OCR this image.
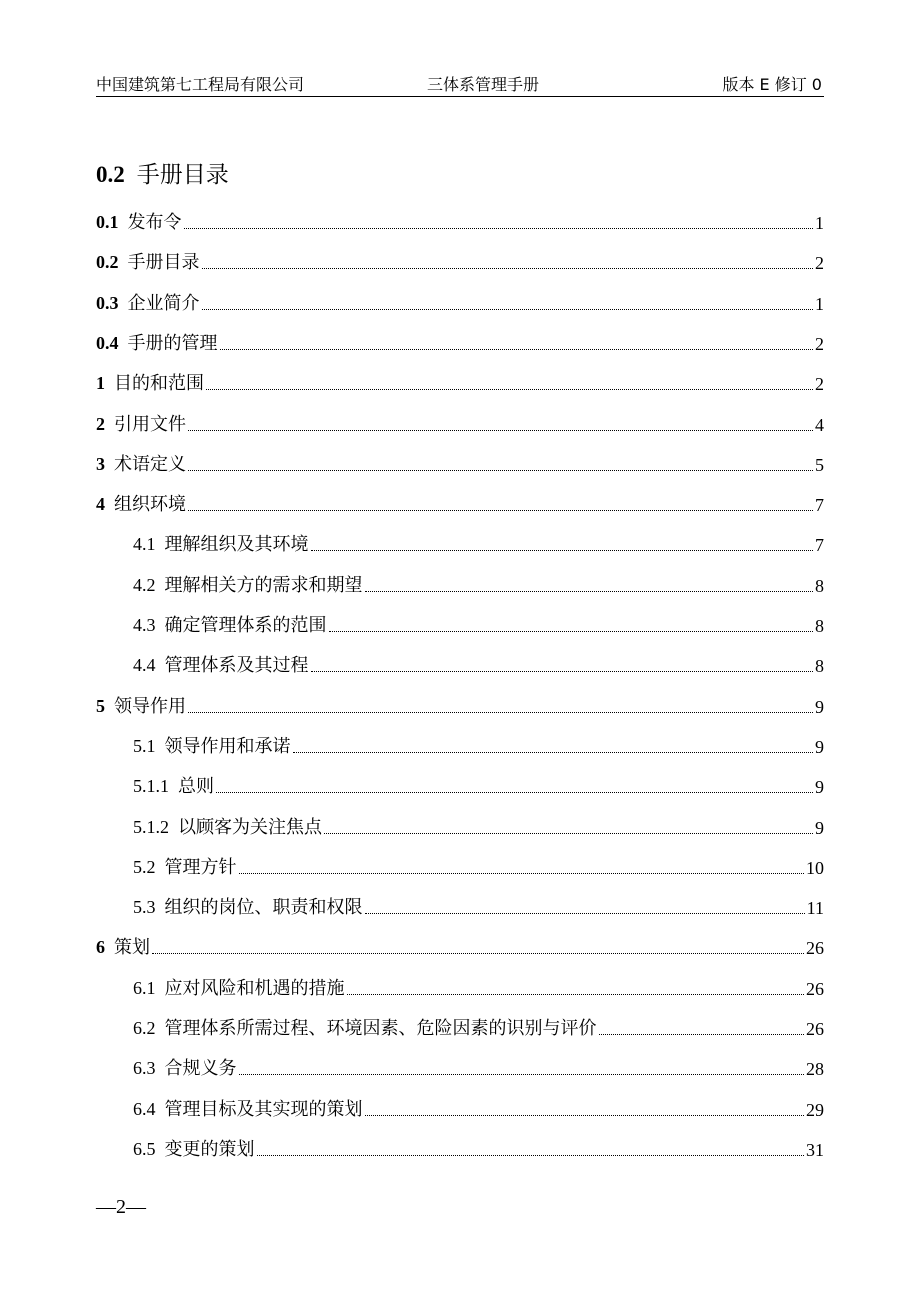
中国建筑第七工程局有限公司	三体系管理手册	版本 E 修订 0
0.2 手册目录
0.1 发布令	1
0.2 手册目录	2
0.3 企业简介	1
0.4 手册的管理	2
1 目的和范围	2
2 引用文件	4
3 术语定义	5
4 组织环境	7
4.1 理解组织及其环境	7
4.2 理解相关方的需求和期望	8
4.3 确定管理体系的范围	8
4.4 管理体系及其过程	8
5 领导作用	9
5.1 领导作用和承诺	9
5.1.1 总则	9
5.1.2 以顾客为关注焦点	9
5.2 管理方针	10
5.3 组织的岗位、职责和权限	11
6 策划	26
6.1 应对风险和机遇的措施	26
6.2 管理体系所需过程、环境因素、危险因素的识别与评价	26
6.3 合规义务	28
6.4 管理目标及其实现的策划	29
6.5 变更的策划	31
—2—
